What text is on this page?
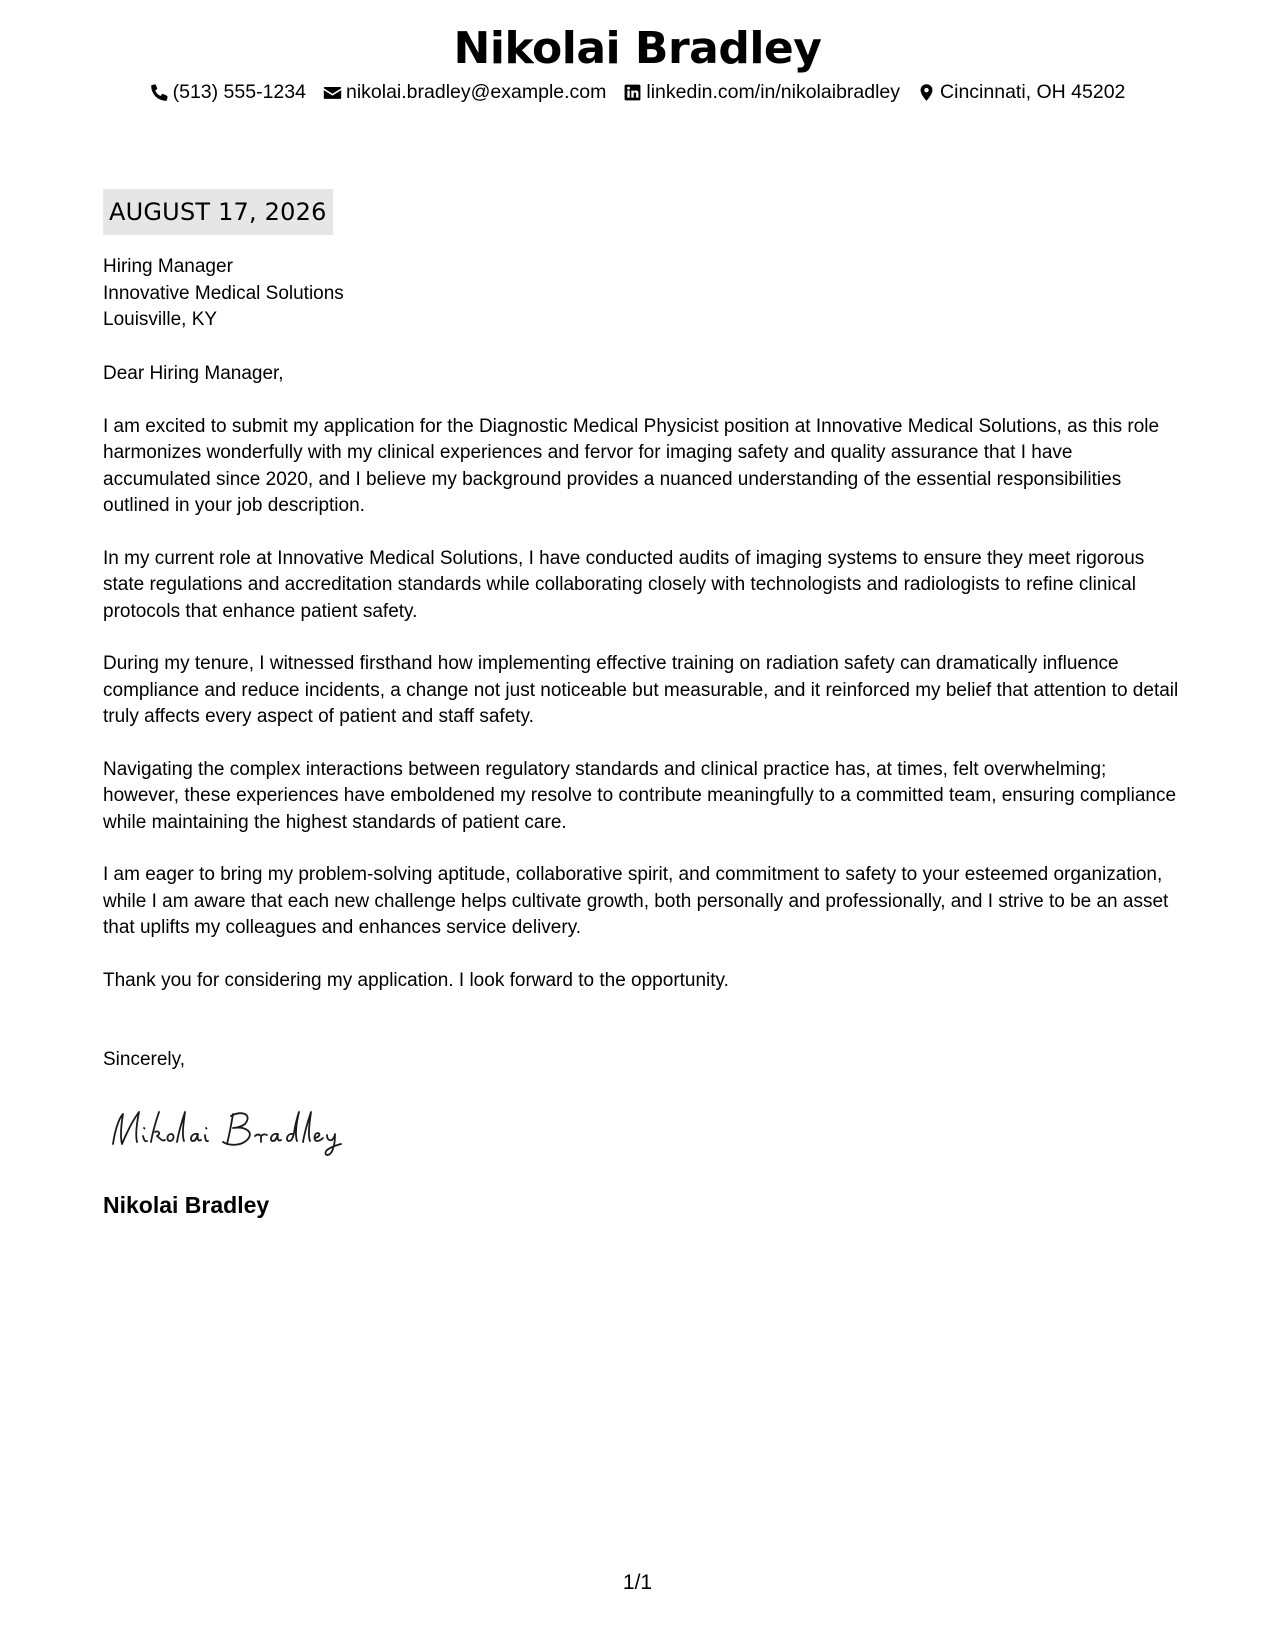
Nikolai Bradley
(513) 555-1234 nikolai.bradley@example.com linkedin.com/in/nikolaibradley Cincinnati, OH 45202
AUGUST 17, 2026
Hiring Manager
Innovative Medical Solutions
Louisville, KY

Dear Hiring Manager,

I am excited to submit my application for the Diagnostic Medical Physicist position at Innovative Medical Solutions, as this role harmonizes wonderfully with my clinical experiences and fervor for imaging safety and quality assurance that I have accumulated since 2020, and I believe my background provides a nuanced understanding of the essential responsibilities outlined in your job description.

In my current role at Innovative Medical Solutions, I have conducted audits of imaging systems to ensure they meet rigorous state regulations and accreditation standards while collaborating closely with technologists and radiologists to refine clinical protocols that enhance patient safety.

During my tenure, I witnessed firsthand how implementing effective training on radiation safety can dramatically influence compliance and reduce incidents, a change not just noticeable but measurable, and it reinforced my belief that attention to detail truly affects every aspect of patient and staff safety.

Navigating the complex interactions between regulatory standards and clinical practice has, at times, felt overwhelming; however, these experiences have emboldened my resolve to contribute meaningfully to a committed team, ensuring compliance while maintaining the highest standards of patient care.

I am eager to bring my problem-solving aptitude, collaborative spirit, and commitment to safety to your esteemed organization, while I am aware that each new challenge helps cultivate growth, both personally and professionally, and I strive to be an asset that uplifts my colleagues and enhances service delivery.

Thank you for considering my application. I look forward to the opportunity.

Sincerely,
Nikolai Bradley
1/1
